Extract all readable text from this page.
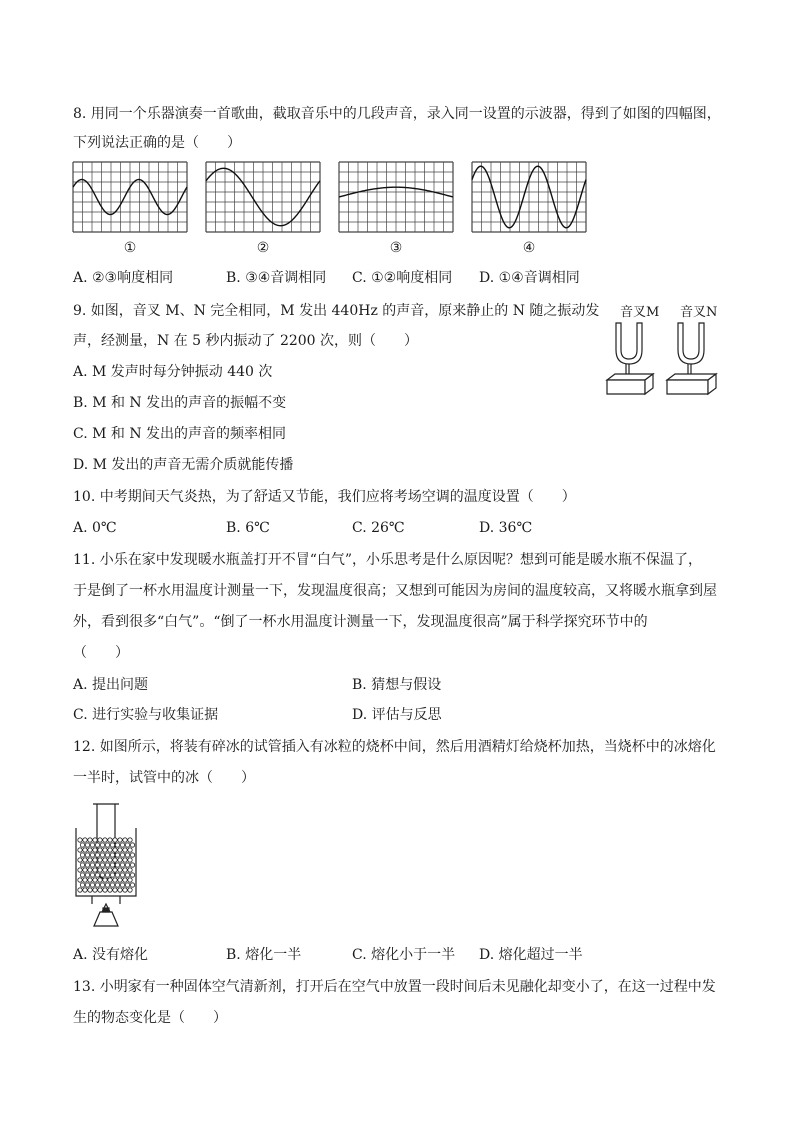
8. 用同一个乐器演奏一首歌曲，截取音乐中的几段声音，录入同一设置的示波器，得到了如图的四幅图，
下列说法正确的是（　　）
①	②	③	④
A. ②③响度相同	B. ③④音调相同 C. ①②响度相同 D. ①④音调相同
9. 如图，音叉 M、N 完全相同，M 发出 440Hz 的声音，原来静止的 N 随之振动发
声，经测量，N 在 5 秒内振动了 2200 次，则（　　）
A. M 发声时每分钟振动 440 次
B. M 和 N 发出的声音的振幅不变
C. M 和 N 发出的声音的频率相同
D. M 发出的声音无需介质就能传播
音叉M 音叉N
10. 中考期间天气炎热，为了舒适又节能，我们应将考场空调的温度设置（　　）
A. 0℃	B. 6℃	C. 26℃	D. 36℃
11. 小乐在家中发现暖水瓶盖打开不冒“白气”，小乐思考是什么原因呢？想到可能是暖水瓶不保温了，
于是倒了一杯水用温度计测量一下，发现温度很高；又想到可能因为房间的温度较高，又将暖水瓶拿到屋
外，看到很多“白气”。“倒了一杯水用温度计测量一下，发现温度很高”属于科学探究环节中的
（　　）
A. 提出问题	B. 猜想与假设
C. 进行实验与收集证据	D. 评估与反思
12. 如图所示，将装有碎冰的试管插入有冰粒的烧杯中间，然后用酒精灯给烧杯加热，当烧杯中的冰熔化
一半时，试管中的冰（　　）
A. 没有熔化	B. 熔化一半	C. 熔化小于一半 D. 熔化超过一半
13. 小明家有一种固体空气清新剂，打开后在空气中放置一段时间后未见融化却变小了，在这一过程中发
生的物态变化是（　　）
